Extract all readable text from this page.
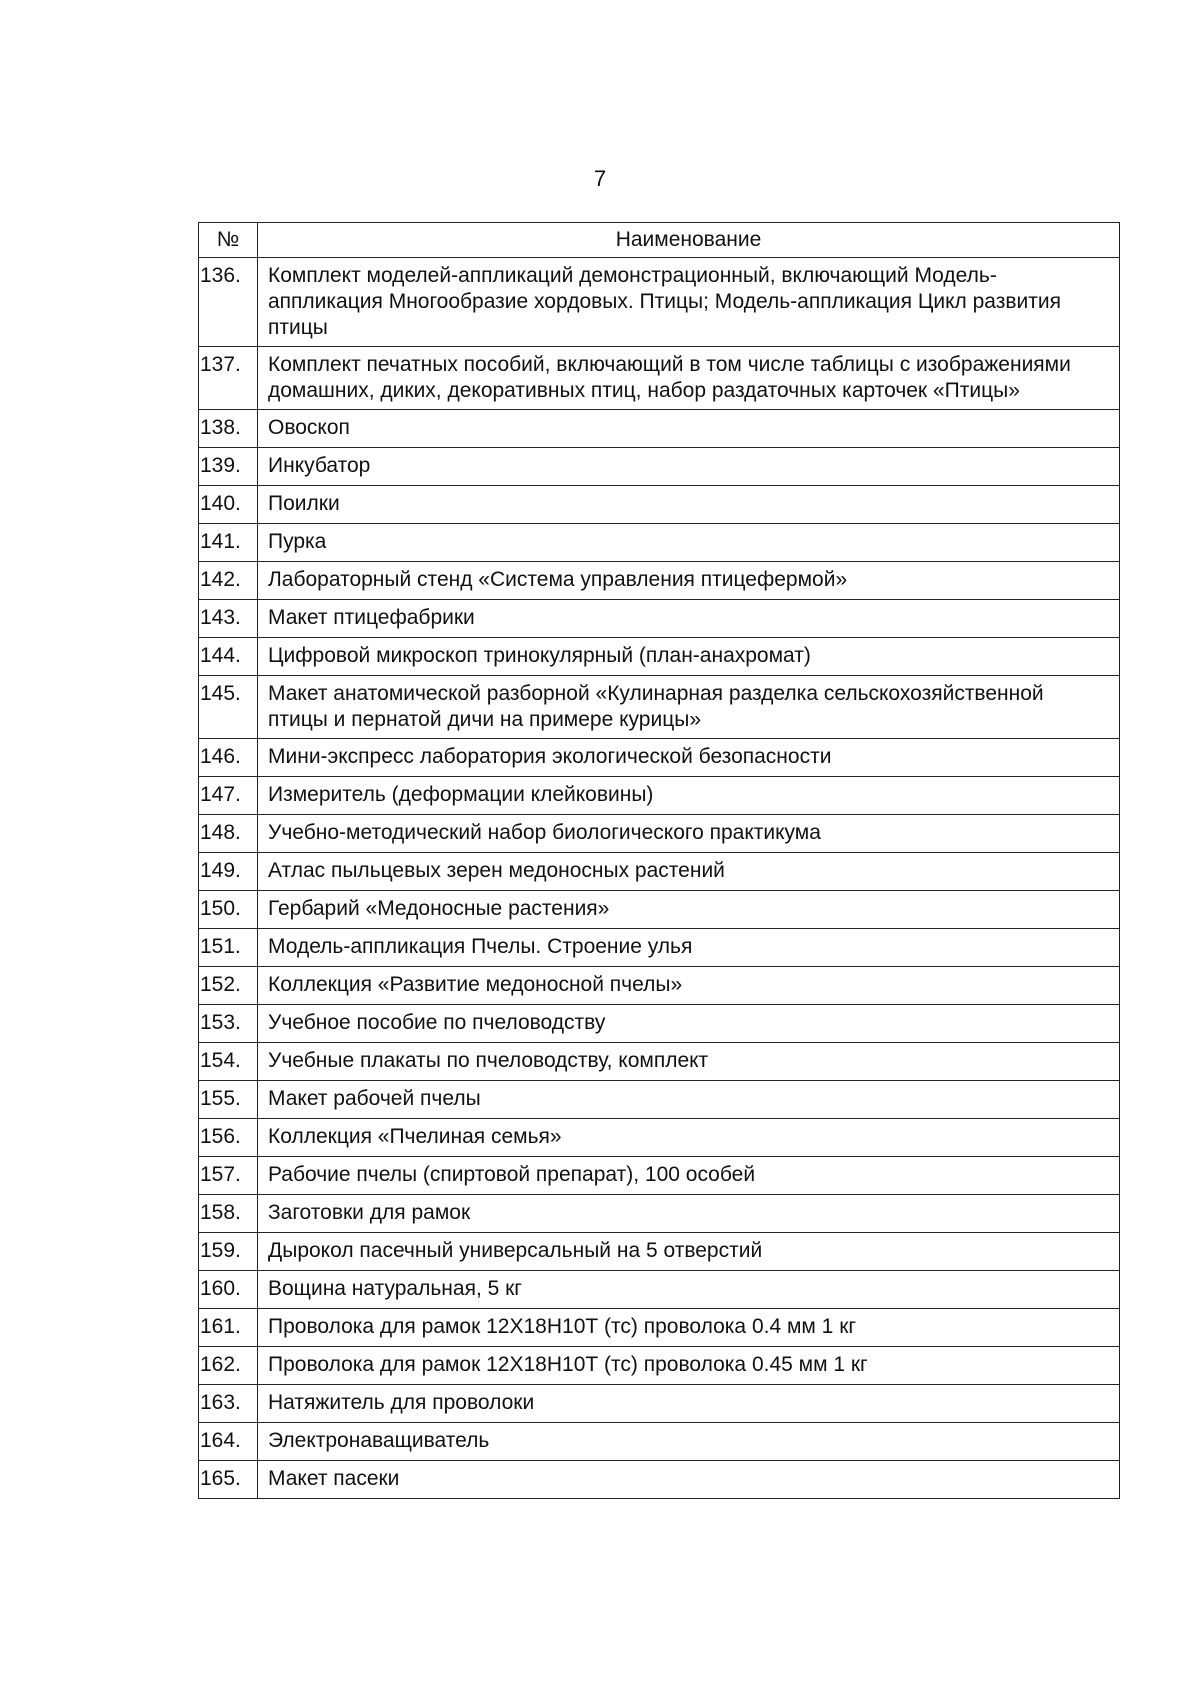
7
№	Наименование
136.	Комплект моделей-аппликаций демонстрационный, включающий Модель-аппликация Многообразие хордовых. Птицы; Модель-аппликация Цикл развития птицы
137.	Комплект печатных пособий, включающий в том числе таблицы с изображениями домашних, диких, декоративных птиц, набор раздаточных карточек «Птицы»
138.	Овоскоп
139.	Инкубатор
140.	Поилки
141.	Пурка
142.	Лабораторный стенд «Система управления птицефермой»
143.	Макет птицефабрики
144.	Цифровой микроскоп тринокулярный (план-анахромат)
145.	Макет анатомической разборной «Кулинарная разделка сельскохозяйственной птицы и пернатой дичи на примере курицы»
146.	Мини-экспресс лаборатория экологической безопасности
147.	Измеритель (деформации клейковины)
148.	Учебно-методический набор биологического практикума
149.	Атлас пыльцевых зерен медоносных растений
150.	Гербарий «Медоносные растения»
151.	Модель-аппликация Пчелы. Строение улья
152.	Коллекция «Развитие медоносной пчелы»
153.	Учебное пособие по пчеловодству
154.	Учебные плакаты по пчеловодству, комплект
155.	Макет рабочей пчелы
156.	Коллекция «Пчелиная семья»
157.	Рабочие пчелы (спиртовой препарат), 100 особей
158.	Заготовки для рамок
159.	Дырокол пасечный универсальный на 5 отверстий
160.	Вощина натуральная, 5 кг
161.	Проволока для рамок 12Х18Н10Т (тс) проволока 0.4 мм 1 кг
162.	Проволока для рамок 12Х18Н10Т (тс) проволока 0.45 мм 1 кг
163.	Натяжитель для проволоки
164.	Электронаващиватель
165.	Макет пасеки
